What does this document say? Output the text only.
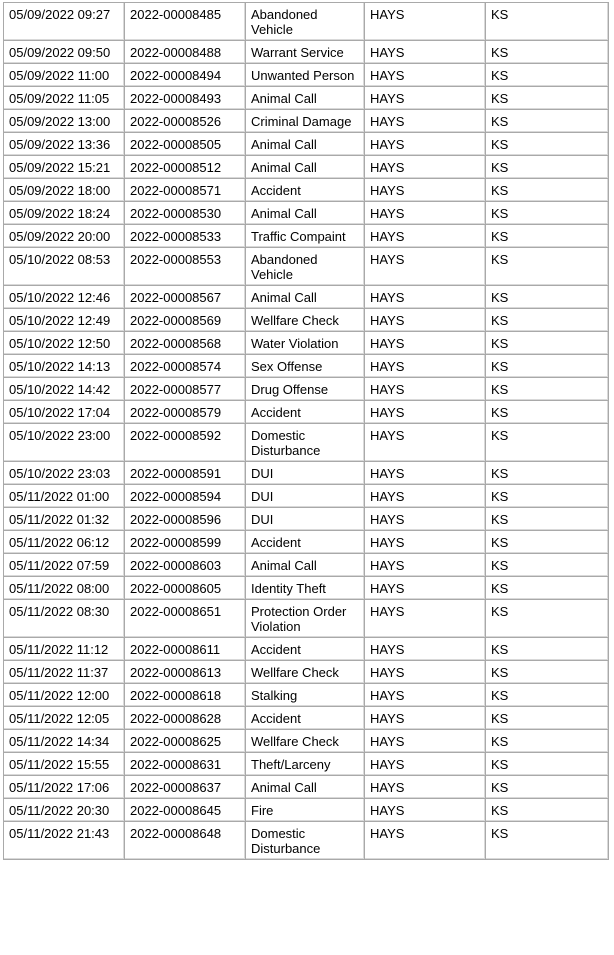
05/09/2022 09:27	2022-00008485	Abandoned Vehicle	HAYS	KS
05/09/2022 09:50	2022-00008488	Warrant Service	HAYS	KS
05/09/2022 11:00	2022-00008494	Unwanted Person	HAYS	KS
05/09/2022 11:05	2022-00008493	Animal Call	HAYS	KS
05/09/2022 13:00	2022-00008526	Criminal Damage	HAYS	KS
05/09/2022 13:36	2022-00008505	Animal Call	HAYS	KS
05/09/2022 15:21	2022-00008512	Animal Call	HAYS	KS
05/09/2022 18:00	2022-00008571	Accident	HAYS	KS
05/09/2022 18:24	2022-00008530	Animal Call	HAYS	KS
05/09/2022 20:00	2022-00008533	Traffic Compaint	HAYS	KS
05/10/2022 08:53	2022-00008553	Abandoned Vehicle	HAYS	KS
05/10/2022 12:46	2022-00008567	Animal Call	HAYS	KS
05/10/2022 12:49	2022-00008569	Wellfare Check	HAYS	KS
05/10/2022 12:50	2022-00008568	Water Violation	HAYS	KS
05/10/2022 14:13	2022-00008574	Sex Offense	HAYS	KS
05/10/2022 14:42	2022-00008577	Drug Offense	HAYS	KS
05/10/2022 17:04	2022-00008579	Accident	HAYS	KS
05/10/2022 23:00	2022-00008592	Domestic Disturbance	HAYS	KS
05/10/2022 23:03	2022-00008591	DUI	HAYS	KS
05/11/2022 01:00	2022-00008594	DUI	HAYS	KS
05/11/2022 01:32	2022-00008596	DUI	HAYS	KS
05/11/2022 06:12	2022-00008599	Accident	HAYS	KS
05/11/2022 07:59	2022-00008603	Animal Call	HAYS	KS
05/11/2022 08:00	2022-00008605	Identity Theft	HAYS	KS
05/11/2022 08:30	2022-00008651	Protection Order Violation	HAYS	KS
05/11/2022 11:12	2022-00008611	Accident	HAYS	KS
05/11/2022 11:37	2022-00008613	Wellfare Check	HAYS	KS
05/11/2022 12:00	2022-00008618	Stalking	HAYS	KS
05/11/2022 12:05	2022-00008628	Accident	HAYS	KS
05/11/2022 14:34	2022-00008625	Wellfare Check	HAYS	KS
05/11/2022 15:55	2022-00008631	Theft/Larceny	HAYS	KS
05/11/2022 17:06	2022-00008637	Animal Call	HAYS	KS
05/11/2022 20:30	2022-00008645	Fire	HAYS	KS
05/11/2022 21:43	2022-00008648	Domestic Disturbance	HAYS	KS
